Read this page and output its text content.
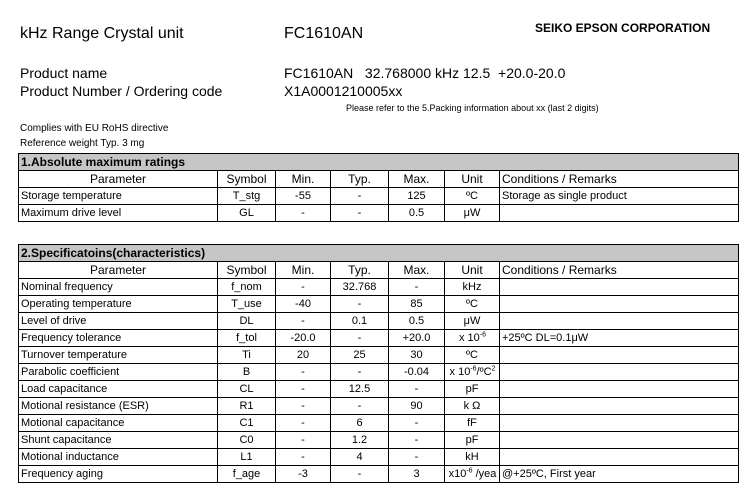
kHz Range Crystal unit	FC1610AN	SEIKO EPSON CORPORATION
Product name	FC1610AN   32.768000 kHz 12.5  +20.0-20.0
Product Number / Ordering code	X1A0001210005xx
Please refer to the 5.Packing information about xx (last 2 digits)
Complies with EU RoHS directive
Reference weight Typ. 3 mg
1.Absolute maximum ratings						
Parameter	Symbol	Min.	Typ.	Max.	Unit	Conditions / Remarks
Storage temperature	T_stg	-55	-	125	ºC	Storage as single product
Maximum drive level	GL	-	-	0.5	μW	
2.Specificatoins(characteristics)						
Parameter	Symbol	Min.	Typ.	Max.	Unit	Conditions / Remarks
Nominal frequency	f_nom	-	32.768	-	kHz	
Operating temperature	T_use	-40	-	85	ºC	
Level of drive	DL	-	0.1	0.5	μW	
Frequency tolerance	f_tol	-20.0	-	+20.0	x $10^{-6}$	+25ºC DL=0.1μW
Turnover temperature	Ti	20	25	30	ºC	
Parabolic coefficient	B	-	-	-0.04	x $10^{-6}/ºC^2$	
Load capacitance	CL	-	12.5	-	pF	
Motional resistance (ESR)	R1	-	-	90	k Ω	
Motional capacitance	C1	-	6	-	fF	
Shunt capacitance	C0	-	1.2	-	pF	
Motional inductance	L1	-	4	-	kH	
Frequency aging	f_age	-3	-	3	$x10^{-6}$ /yea	@+25ºC, First year
